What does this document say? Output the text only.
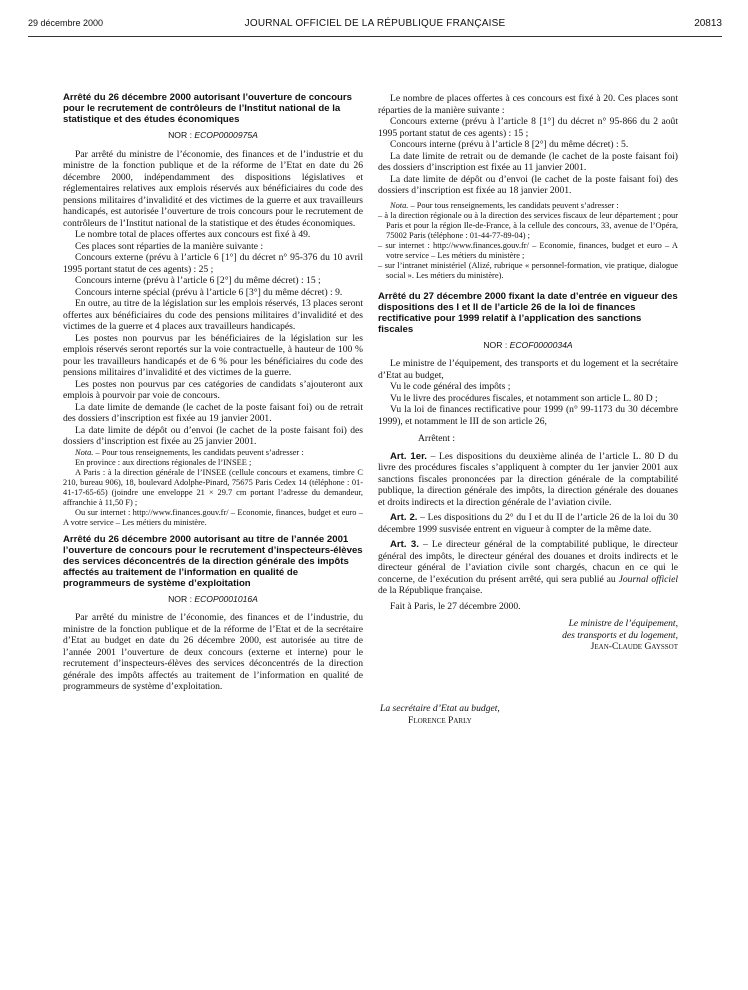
29 décembre 2000	JOURNAL OFFICIEL DE LA RÉPUBLIQUE FRANÇAISE	20813
Arrêté du 26 décembre 2000 autorisant l’ouverture de concours pour le recrutement de contrôleurs de l’Institut national de la statistique et des études économiques
NOR : ECOP0000975A

Par arrêté du ministre de l’économie, des finances et de l’industrie et du ministre de la fonction publique et de la réforme de l’Etat en date du 26 décembre 2000, indépendamment des dispositions législatives et réglementaires relatives aux emplois réservés aux bénéficiaires du code des pensions militaires d’invalidité et des victimes de la guerre et aux travailleurs handicapés, est autorisée l’ouverture de trois concours pour le recrutement de contrôleurs de l’Institut national de la statistique et des études économiques.

Le nombre total de places offertes aux concours est fixé à 49.

Ces places sont réparties de la manière suivante :

Concours externe (prévu à l’article 6 [1°] du décret n° 95-376 du 10 avril 1995 portant statut de ces agents) : 25 ;

Concours interne (prévu à l’article 6 [2°] du même décret) : 15 ;

Concours interne spécial (prévu à l’article 6 [3°] du même décret) : 9.

En outre, au titre de la législation sur les emplois réservés, 13 places seront offertes aux bénéficiaires du code des pensions militaires d’invalidité et des victimes de la guerre et 4 places aux travailleurs handicapés.

Les postes non pourvus par les bénéficiaires de la législation sur les emplois réservés seront reportés sur la voie contractuelle, à hauteur de 100 % pour les travailleurs handicapés et de 6 % pour les bénéficiaires du code des pensions militaires d’invalidité et des victimes de la guerre.

Les postes non pourvus par ces catégories de candidats s’ajouteront aux emplois à pourvoir par voie de concours.

La date limite de demande (le cachet de la poste faisant foi) ou de retrait des dossiers d’inscription est fixée au 19 janvier 2001.

La date limite de dépôt ou d’envoi (le cachet de la poste faisant foi) des dossiers d’inscription est fixée au 25 janvier 2001.

Nota. – Pour tous renseignements, les candidats peuvent s’adresser :

En province : aux directions régionales de l’INSEE ;

A Paris : à la direction générale de l’INSEE (cellule concours et examens, timbre C 210, bureau 906), 18, boulevard Adolphe-Pinard, 75675 Paris Cedex 14 (téléphone : 01-41-17-65-65) (joindre une enveloppe 21 × 29.7 cm portant l’adresse du demandeur, affranchie à 11,50 F) ;

Ou sur internet : http://www.finances.gouv.fr/ – Economie, finances, budget et euro – A votre service – Les métiers du ministère.

Arrêté du 26 décembre 2000 autorisant au titre de l’année 2001 l’ouverture de concours pour le recrutement d’inspecteurs-élèves des services déconcentrés de la direction générale des impôts affectés au traitement de l’information en qualité de programmeurs de système d’exploitation
NOR : ECOP0001016A

Par arrêté du ministre de l’économie, des finances et de l’industrie, du ministre de la fonction publique et de la réforme de l’Etat et de la secrétaire d’Etat au budget en date du 26 décembre 2000, est autorisée au titre de l’année 2001 l’ouverture de deux concours (externe et interne) pour le recrutement d’inspecteurs-élèves des services déconcentrés de la direction générale des impôts affectés au traitement de l’information en qualité de programmeurs de système d’exploitation.

Le nombre de places offertes à ces concours est fixé à 20. Ces places sont réparties de la manière suivante :

Concours externe (prévu à l’article 8 [1°] du décret n° 95-866 du 2 août 1995 portant statut de ces agents) : 15 ;

Concours interne (prévu à l’article 8 [2°] du même décret) : 5.

La date limite de retrait ou de demande (le cachet de la poste faisant foi) des dossiers d’inscription est fixée au 11 janvier 2001.

La date limite de dépôt ou d’envoi (le cachet de la poste faisant foi) des dossiers d’inscription est fixée au 18 janvier 2001.

Nota. – Pour tous renseignements, les candidats peuvent s’adresser :

– à la direction régionale ou à la direction des services fiscaux de leur département ; pour Paris et pour la région Ile-de-France, à la cellule des concours, 33, avenue de l’Opéra, 75002 Paris (téléphone : 01-44-77-89-04) ;

– sur internet : http://www.finances.gouv.fr/ – Economie, finances, budget et euro – A votre service – Les métiers du ministère ;

– sur l’intranet ministériel (Alizé, rubrique « personnel-formation, vie pratique, dialogue social ». Les métiers du ministère).

Arrêté du 27 décembre 2000 fixant la date d’entrée en vigueur des dispositions des I et II de l’article 26 de la loi de finances rectificative pour 1999 relatif à l’application des sanctions fiscales
NOR : ECOF0000034A

Le ministre de l’équipement, des transports et du logement et la secrétaire d’Etat au budget,

Vu le code général des impôts ;

Vu le livre des procédures fiscales, et notamment son article L. 80 D ;

Vu la loi de finances rectificative pour 1999 (n° 99-1173 du 30 décembre 1999), et notamment le III de son article 26,

Arrêtent :

Art. 1er. – Les dispositions du deuxième alinéa de l’article L. 80 D du livre des procédures fiscales s’appliquent à compter du 1er janvier 2001 aux sanctions fiscales prononcées par la direction générale de la comptabilité publique, la direction générale des impôts, la direction générale des douanes et droits indirects et la direction générale de l’aviation civile.

Art. 2. – Les dispositions du 2° du I et du II de l’article 26 de la loi du 30 décembre 1999 susvisée entrent en vigueur à compter de la même date.

Art. 3. – Le directeur général de la comptabilité publique, le directeur général des impôts, le directeur général des douanes et droits indirects et le directeur général de l’aviation civile sont chargés, chacun en ce qui le concerne, de l’exécution du présent arrêté, qui sera publié au Journal officiel de la République française.

Fait à Paris, le 27 décembre 2000.

Le ministre de l’équipement,

des transports et du logement,

Jean-Claude Gayssot

La secrétaire d’Etat au budget,
Florence Parly
